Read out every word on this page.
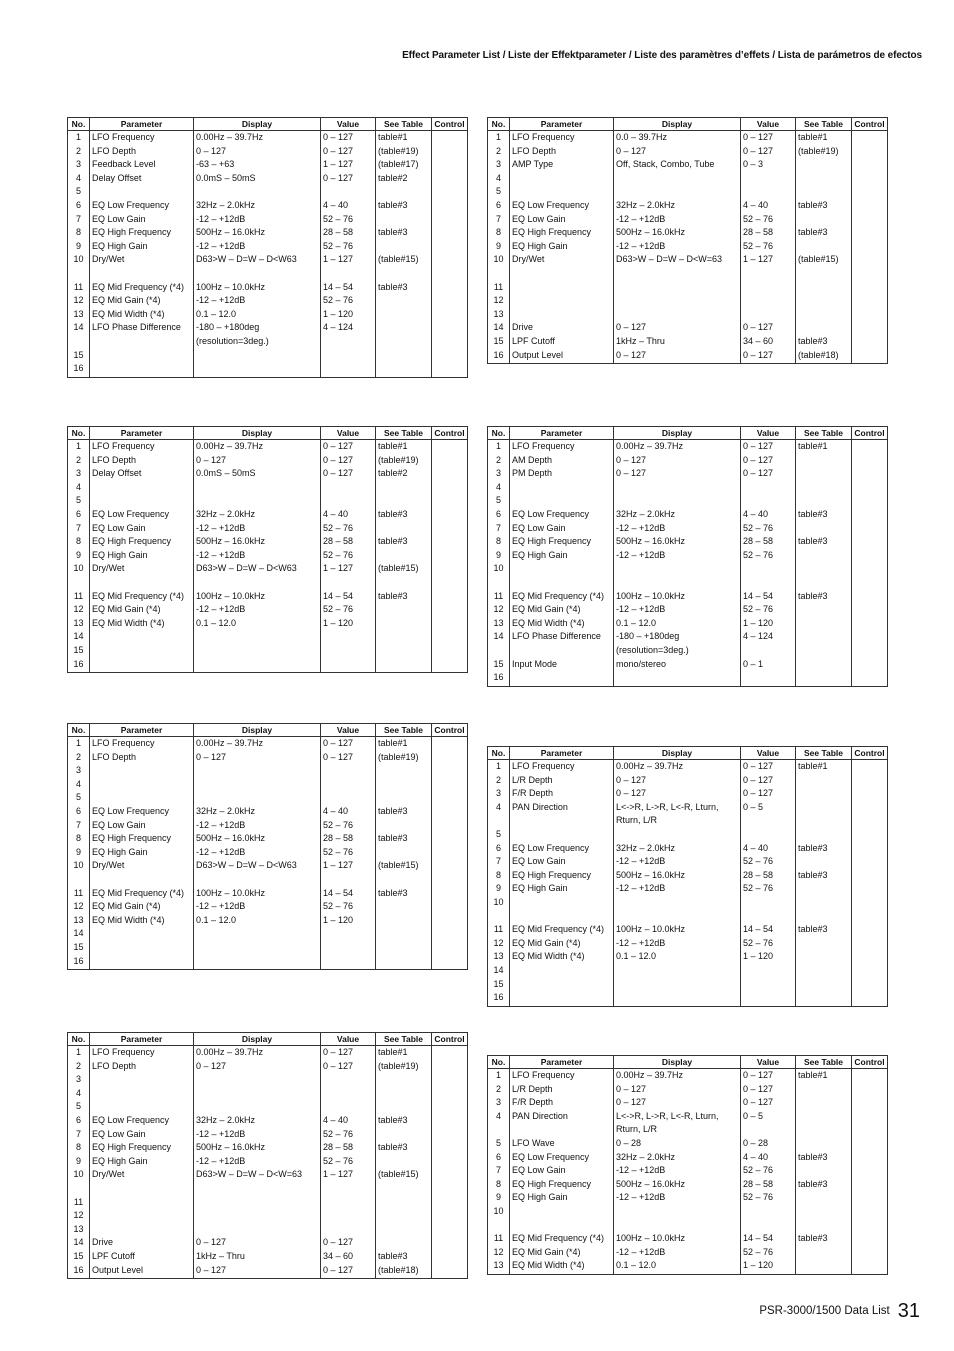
Effect Parameter List / Liste der Effektparameter / Liste des paramètres d’effets / Lista de parámetros de efectos
No.	Parameter	Display	Value	See Table	Control
1	LFO Frequency	0.00Hz – 39.7Hz	0 – 127	table#1	
2	LFO Depth	0 – 127	0 – 127	(table#19)	
3	Feedback Level	-63 – +63	1 – 127	(table#17)	
4	Delay Offset	0.0mS – 50mS	0 – 127	table#2	
5					
6	EQ Low Frequency	32Hz – 2.0kHz	4 – 40	table#3	
7	EQ Low Gain	-12 – +12dB	52 – 76		
8	EQ High Frequency	500Hz – 16.0kHz	28 – 58	table#3	
9	EQ High Gain	-12 – +12dB	52 – 76		
10	Dry/Wet	D63>W – D=W – D<W63	1 – 127	(table#15)	

11	EQ Mid Frequency (*4)	100Hz – 10.0kHz	14 – 54	table#3	
12	EQ Mid Gain (*4)	-12 – +12dB	52 – 76		
13	EQ Mid Width (*4)	0.1 – 12.0	1 – 120		
14	LFO Phase Difference	-180 – +180deg (resolution=3deg.)	4 – 124		
15					
16					
No.	Parameter	Display	Value	See Table	Control
1	LFO Frequency	0.0 – 39.7Hz	0 – 127	table#1	
2	LFO Depth	0 – 127	0 – 127	(table#19)	
3	AMP Type	Off, Stack, Combo, Tube	0 – 3		
4					
5					
6	EQ Low Frequency	32Hz – 2.0kHz	4 – 40	table#3	
7	EQ Low Gain	-12 – +12dB	52 – 76		
8	EQ High Frequency	500Hz – 16.0kHz	28 – 58	table#3	
9	EQ High Gain	-12 – +12dB	52 – 76		
10	Dry/Wet	D63>W – D=W – D<W=63	1 – 127	(table#15)	

11					
12					
13					
14	Drive	0 – 127	0 – 127		
15	LPF Cutoff	1kHz – Thru	34 – 60	table#3	
16	Output Level	0 – 127	0 – 127	(table#18)	
No.	Parameter	Display	Value	See Table	Control
1	LFO Frequency	0.00Hz – 39.7Hz	0 – 127	table#1	
2	LFO Depth	0 – 127	0 – 127	(table#19)	
3	Delay Offset	0.0mS – 50mS	0 – 127	table#2	
4					
5					
6	EQ Low Frequency	32Hz – 2.0kHz	4 – 40	table#3	
7	EQ Low Gain	-12 – +12dB	52 – 76		
8	EQ High Frequency	500Hz – 16.0kHz	28 – 58	table#3	
9	EQ High Gain	-12 – +12dB	52 – 76		
10	Dry/Wet	D63>W – D=W – D<W63	1 – 127	(table#15)	

11	EQ Mid Frequency (*4)	100Hz – 10.0kHz	14 – 54	table#3	
12	EQ Mid Gain (*4)	-12 – +12dB	52 – 76		
13	EQ Mid Width (*4)	0.1 – 12.0	1 – 120		
14					
15					
16					
No.	Parameter	Display	Value	See Table	Control
1	LFO Frequency	0.00Hz – 39.7Hz	0 – 127	table#1	
2	AM Depth	0 – 127	0 – 127		
3	PM Depth	0 – 127	0 – 127		
4					
5					
6	EQ Low Frequency	32Hz – 2.0kHz	4 – 40	table#3	
7	EQ Low Gain	-12 – +12dB	52 – 76		
8	EQ High Frequency	500Hz – 16.0kHz	28 – 58	table#3	
9	EQ High Gain	-12 – +12dB	52 – 76		
10					

11	EQ Mid Frequency (*4)	100Hz – 10.0kHz	14 – 54	table#3	
12	EQ Mid Gain (*4)	-12 – +12dB	52 – 76		
13	EQ Mid Width (*4)	0.1 – 12.0	1 – 120		
14	LFO Phase Difference	-180 – +180deg (resolution=3deg.)	4 – 124		
15	Input Mode	mono/stereo	0 – 1		
16					
No.	Parameter	Display	Value	See Table	Control
1	LFO Frequency	0.00Hz – 39.7Hz	0 – 127	table#1	
2	LFO Depth	0 – 127	0 – 127	(table#19)	
3					
4					
5					
6	EQ Low Frequency	32Hz – 2.0kHz	4 – 40	table#3	
7	EQ Low Gain	-12 – +12dB	52 – 76		
8	EQ High Frequency	500Hz – 16.0kHz	28 – 58	table#3	
9	EQ High Gain	-12 – +12dB	52 – 76		
10	Dry/Wet	D63>W – D=W – D<W63	1 – 127	(table#15)	

11	EQ Mid Frequency (*4)	100Hz – 10.0kHz	14 – 54	table#3	
12	EQ Mid Gain (*4)	-12 – +12dB	52 – 76		
13	EQ Mid Width (*4)	0.1 – 12.0	1 – 120		
14					
15					
16					
No.	Parameter	Display	Value	See Table	Control
1	LFO Frequency	0.00Hz – 39.7Hz	0 – 127	table#1	
2	L/R Depth	0 – 127	0 – 127		
3	F/R Depth	0 – 127	0 – 127		
4	PAN Direction	L<->R, L->R, L<-R, Lturn, Rturn, L/R	0 – 5		
5					
6	EQ Low Frequency	32Hz – 2.0kHz	4 – 40	table#3	
7	EQ Low Gain	-12 – +12dB	52 – 76		
8	EQ High Frequency	500Hz – 16.0kHz	28 – 58	table#3	
9	EQ High Gain	-12 – +12dB	52 – 76		
10					

11	EQ Mid Frequency (*4)	100Hz – 10.0kHz	14 – 54	table#3	
12	EQ Mid Gain (*4)	-12 – +12dB	52 – 76		
13	EQ Mid Width (*4)	0.1 – 12.0	1 – 120		
14					
15					
16					
No.	Parameter	Display	Value	See Table	Control
1	LFO Frequency	0.00Hz – 39.7Hz	0 – 127	table#1	
2	LFO Depth	0 – 127	0 – 127	(table#19)	
3					
4					
5					
6	EQ Low Frequency	32Hz – 2.0kHz	4 – 40	table#3	
7	EQ Low Gain	-12 – +12dB	52 – 76		
8	EQ High Frequency	500Hz – 16.0kHz	28 – 58	table#3	
9	EQ High Gain	-12 – +12dB	52 – 76		
10	Dry/Wet	D63>W – D=W – D<W=63	1 – 127	(table#15)	

11					
12					
13					
14	Drive	0 – 127	0 – 127		
15	LPF Cutoff	1kHz – Thru	34 – 60	table#3	
16	Output Level	0 – 127	0 – 127	(table#18)	
No.	Parameter	Display	Value	See Table	Control
1	LFO Frequency	0.00Hz – 39.7Hz	0 – 127	table#1	
2	L/R Depth	0 – 127	0 – 127		
3	F/R Depth	0 – 127	0 – 127		
4	PAN Direction	L<->R, L->R, L<-R, Lturn, Rturn, L/R	0 – 5		
5	LFO Wave	0 – 28	0 – 28		
6	EQ Low Frequency	32Hz – 2.0kHz	4 – 40	table#3	
7	EQ Low Gain	-12 – +12dB	52 – 76		
8	EQ High Frequency	500Hz – 16.0kHz	28 – 58	table#3	
9	EQ High Gain	-12 – +12dB	52 – 76		
10					

11	EQ Mid Frequency (*4)	100Hz – 10.0kHz	14 – 54	table#3	
12	EQ Mid Gain (*4)	-12 – +12dB	52 – 76		
13	EQ Mid Width (*4)	0.1 – 12.0	1 – 120		
PSR-3000/1500 Data List 31
